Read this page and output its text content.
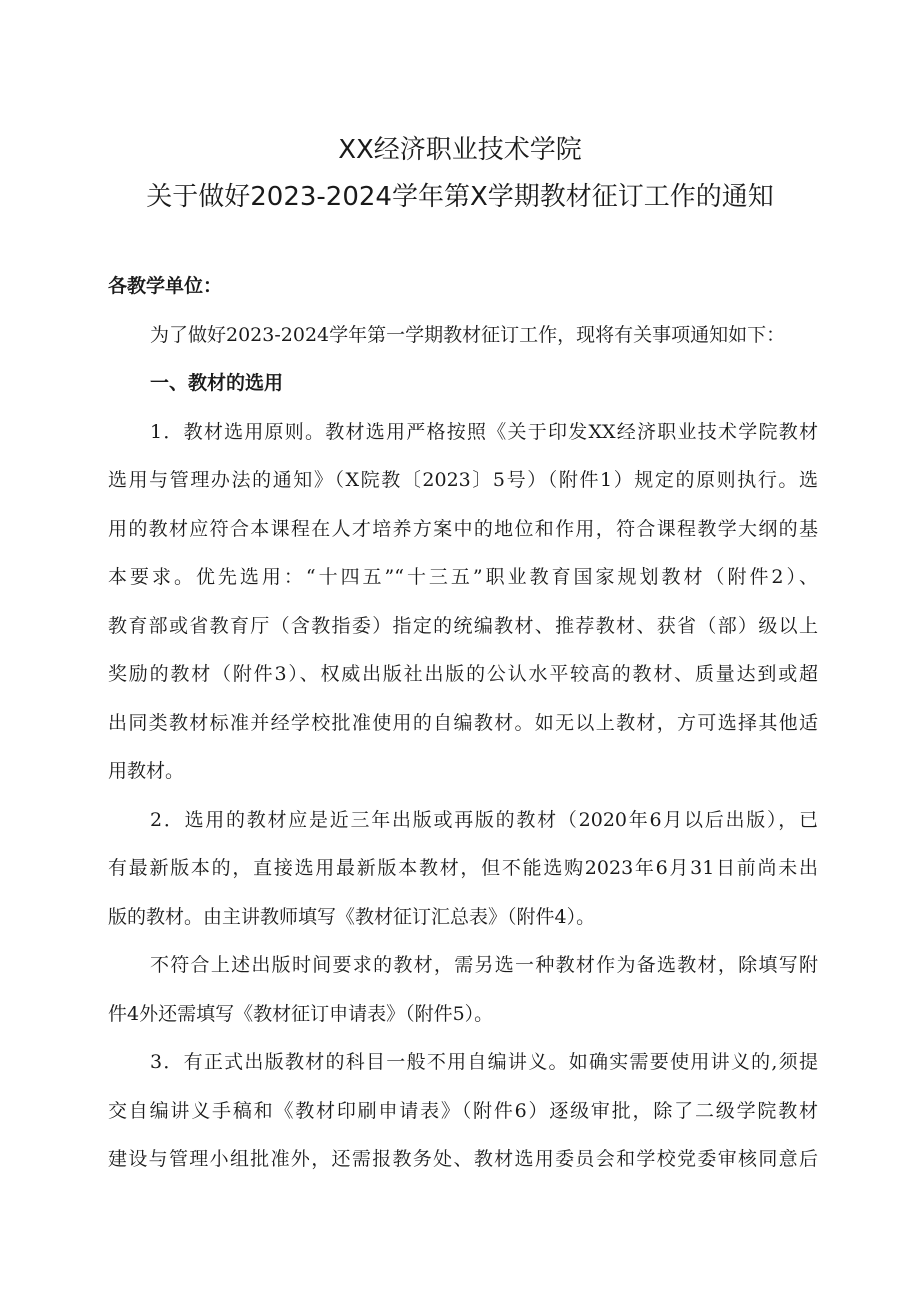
XX经济职业技术学院
关于做好2023-2024学年第X学期教材征订工作的通知
各教学单位：
为了做好2023-2024学年第一学期教材征订工作，现将有关事项通知如下：
一、教材的选用
1．教材选用原则。教材选用严格按照《关于印发XX经济职业技术学院教材
选用与管理办法的通知》（X院教〔2023〕5号）（附件1）规定的原则执行。选
用的教材应符合本课程在人才培养方案中的地位和作用，符合课程教学大纲的基
本要求。优先选用：“十四五”“十三五”职业教育国家规划教材（附件2）、
教育部或省教育厅（含教指委）指定的统编教材、推荐教材、获省（部）级以上
奖励的教材（附件3）、权威出版社出版的公认水平较高的教材、质量达到或超
出同类教材标准并经学校批准使用的自编教材。如无以上教材，方可选择其他适
用教材。
2．选用的教材应是近三年出版或再版的教材（2020年6月以后出版），已
有最新版本的，直接选用最新版本教材，但不能选购2023年6月31日前尚未出
版的教材。由主讲教师填写《教材征订汇总表》（附件4）。
不符合上述出版时间要求的教材，需另选一种教材作为备选教材，除填写附
件4外还需填写《教材征订申请表》（附件5）。
3．有正式出版教材的科目一般不用自编讲义。如确实需要使用讲义的,须提
交自编讲义手稿和《教材印刷申请表》（附件6）逐级审批，除了二级学院教材
建设与管理小组批准外，还需报教务处、教材选用委员会和学校党委审核同意后
